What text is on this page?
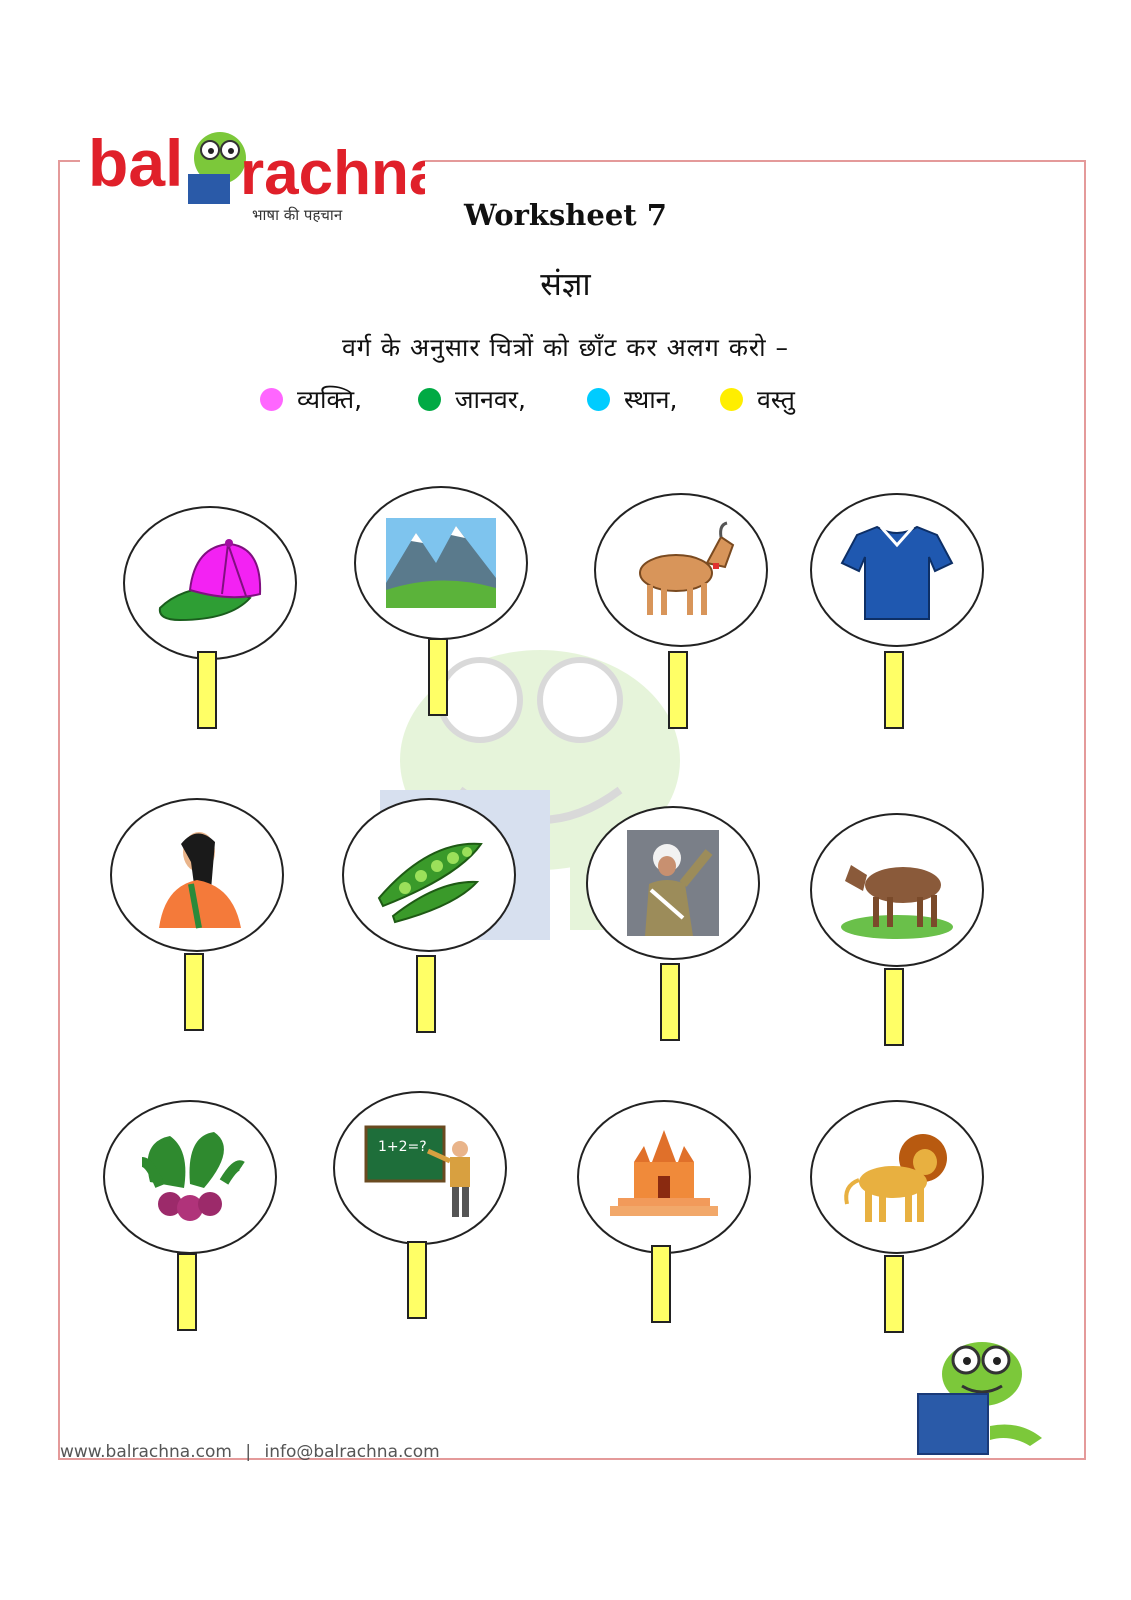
bal rachna
भाषा की पहचान	Worksheet 7
संज्ञा
वर्ग के अनुसार चित्रों को छाँट कर अलग करो –
व्यक्ति,	जानवर,	स्थान,	वस्तु
1+2=?
www.balrachna.com | info@balrachna.com
